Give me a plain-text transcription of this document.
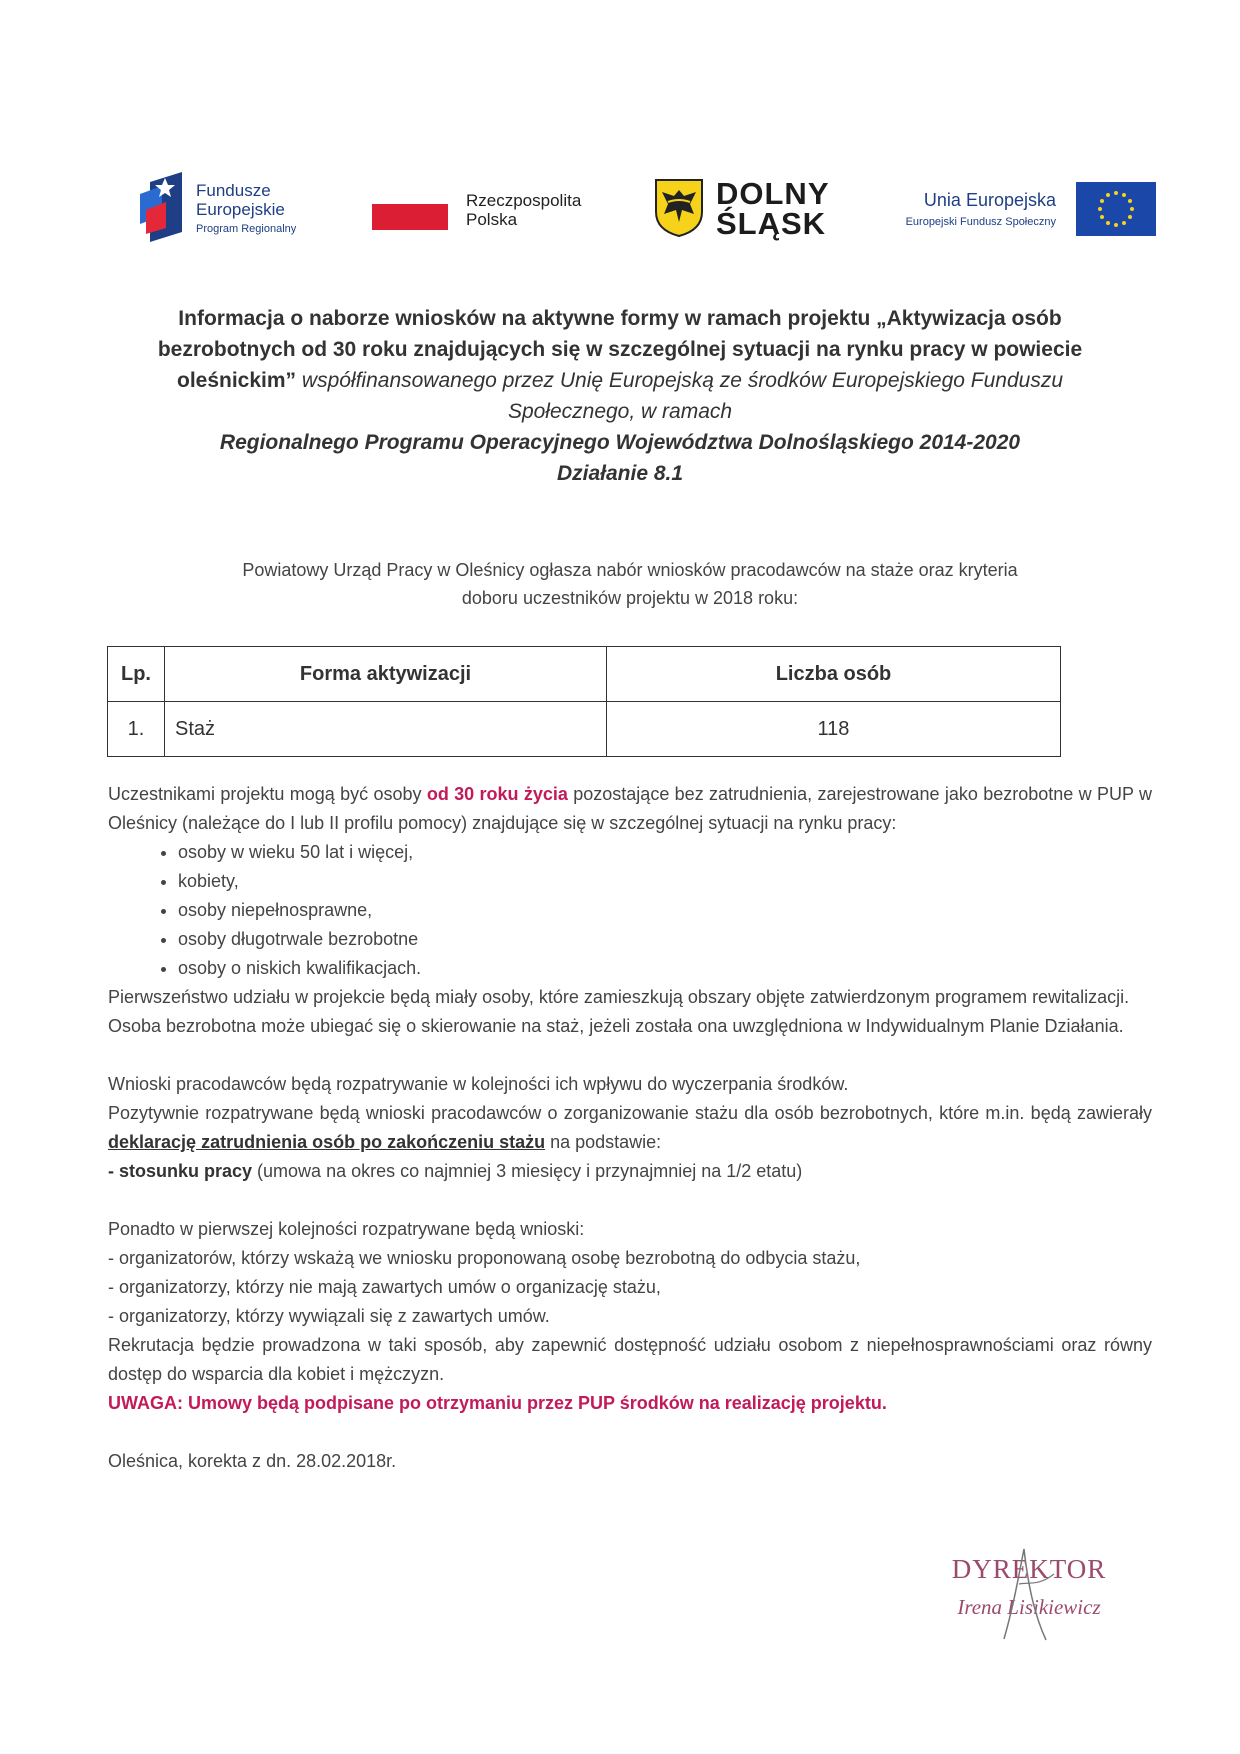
Fundusze
Europejskie
Program Regionalny
Rzeczpospolita
Polska
DOLNY
ŚLĄSK
Unia Europejska
Europejski Fundusz Społeczny
Informacja o naborze wniosków na aktywne formy w ramach projektu „Aktywizacja osób bezrobotnych od 30 roku znajdujących się w szczególnej sytuacji na rynku pracy w powiecie oleśnickim” współfinansowanego przez Unię Europejską ze środków Europejskiego Funduszu Społecznego, w ramach
Regionalnego Programu Operacyjnego Województwa Dolnośląskiego 2014-2020
Działanie 8.1
Powiatowy Urząd Pracy w Oleśnicy ogłasza nabór wniosków pracodawców na staże oraz kryteria doboru uczestników projektu w 2018 roku:
Lp.	Forma aktywizacji	Liczba osób
1.	Staż	118

Uczestnikami projektu mogą być osoby od 30 roku życia pozostające bez zatrudnienia, zarejestrowane jako bezrobotne w PUP w Oleśnicy (należące do I lub II profilu pomocy) znajdujące się w szczególnej sytuacji na rynku pracy:

• osoby w wieku 50 lat i więcej,
• kobiety,
• osoby niepełnosprawne,
• osoby długotrwale bezrobotne
• osoby o niskich kwalifikacjach.

Pierwszeństwo udziału w projekcie będą miały osoby, które zamieszkują obszary objęte zatwierdzonym programem rewitalizacji.

Osoba bezrobotna może ubiegać się o skierowanie na staż, jeżeli została ona uwzględniona w Indywidualnym Planie Działania.

Wnioski pracodawców będą rozpatrywanie w kolejności ich wpływu do wyczerpania środków.

Pozytywnie rozpatrywane będą wnioski pracodawców o zorganizowanie stażu dla osób bezrobotnych, które m.in. będą zawierały deklarację zatrudnienia osób po zakończeniu stażu na podstawie:

- stosunku pracy (umowa na okres co najmniej 3 miesięcy i przynajmniej na 1/2 etatu)

Ponadto w pierwszej kolejności rozpatrywane będą wnioski:

- organizatorów, którzy wskażą we wniosku proponowaną osobę bezrobotną do odbycia stażu,

- organizatorzy, którzy nie mają zawartych umów o organizację stażu,

- organizatorzy, którzy wywiązali się z zawartych umów.

Rekrutacja będzie prowadzona w taki sposób, aby zapewnić dostępność udziału osobom z niepełnosprawnościami oraz równy dostęp do wsparcia dla kobiet i mężczyzn.

UWAGA: Umowy będą podpisane po otrzymaniu przez PUP środków na realizację projektu.

Oleśnica, korekta z dn. 28.02.2018r.

DYREKTOR
Irena Lisikiewicz
